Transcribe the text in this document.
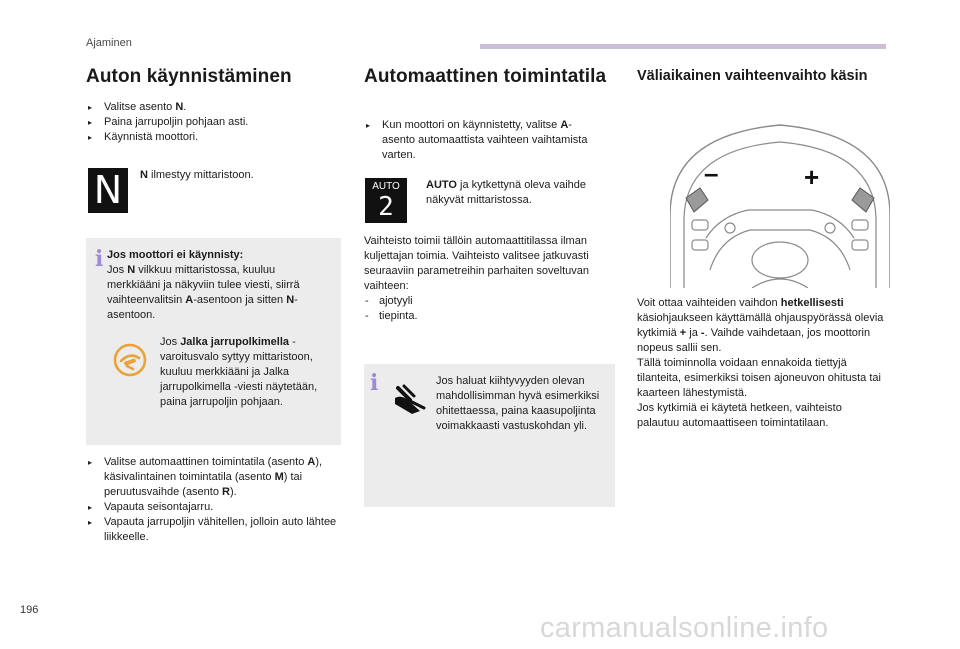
Ajaminen
Auton käynnistäminen
▸ Valitse asento N.
▸ Paina jarrupoljin pohjaan asti.
▸ Käynnistä moottori.
N	N ilmestyy mittaristoon.
i Jos moottori ei käynnisty:
Jos N vilkkuu mittaristossa, kuuluu merkkiääni ja näkyviin tulee viesti, siirrä vaihteenvalitsin A-asentoon ja sitten N-asentoon.
Jos Jalka jarrupolkimella -varoitusvalo syttyy mittaristoon, kuuluu merkkiääni ja Jalka jarrupolkimella -viesti näytetään, paina jarrupoljin pohjaan.
▸ Valitse automaattinen toimintatila (asento A), käsivalintainen toimintatila (asento M) tai peruutusvaihde (asento R).
▸ Vapauta seisontajarru.
▸ Vapauta jarrupoljin vähitellen, jolloin auto lähtee liikkeelle.
Automaattinen toimintatila
▸ Kun moottori on käynnistetty, valitse A-asento automaattista vaihteen vaihtamista varten.
AUTO
2
AUTO ja kytkettynä oleva vaihde näkyvät mittaristossa.
Vaihteisto toimii tällöin automaattitilassa ilman kuljettajan toimia. Vaihteisto valitsee jatkuvasti seuraaviin parametreihin parhaiten soveltuvan vaihteen:
- ajotyyli
- tiepinta.
i	Jos haluat kiihtyvyyden olevan mahdollisimman hyvä esimerkiksi ohitettaessa, paina kaasupoljinta voimakkaasti vastuskohdan yli.
Väliaikainen vaihteenvaihto käsin
–	+
Voit ottaa vaihteiden vaihdon hetkellisesti käsiohjaukseen käyttämällä ohjauspyörässä olevia kytkimiä + ja -. Vaihde vaihdetaan, jos moottorin nopeus sallii sen.
Tällä toiminnolla voidaan ennakoida tiettyjä tilanteita, esimerkiksi toisen ajoneuvon ohitusta tai kaarteen lähestymistä.
Jos kytkimiä ei käytetä hetkeen, vaihteisto palautuu automaattiseen toimintatilaan.
196
carmanualsonline.info
